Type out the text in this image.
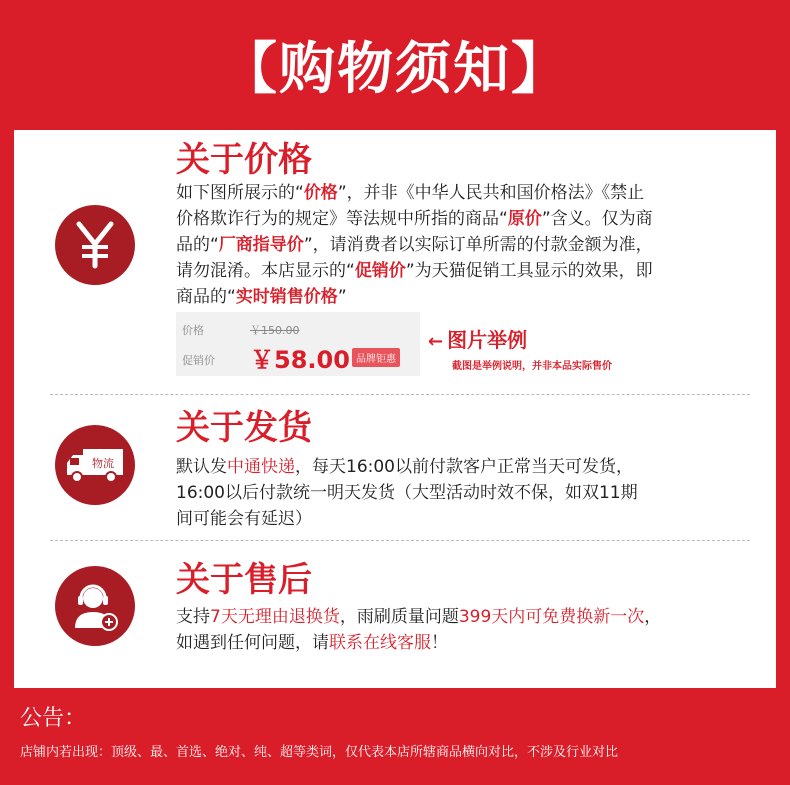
【购物须知】
关于价格
如下图所展示的“价格”，并非《中华人民共和国价格法》《禁止
价格欺诈行为的规定》等法规中所指的商品“原价”含义。仅为商
品的“厂商指导价”，请消费者以实际订单所需的付款金额为准，
请勿混淆。本店显示的“促销价”为天猫促销工具显示的效果，即
商品的“实时销售价格”
价格	￥150.00
促销价 ￥58.00 品牌钜惠
← 图片举例
截图是举例说明，并非本品实际售价
物流
关于发货
默认发中通快递，每天16:00以前付款客户正常当天可发货，
16:00以后付款统一明天发货（大型活动时效不保，如双11期
间可能会有延迟）
关于售后
支持7天无理由退换货，雨刷质量问题399天内可免费换新一次，
如遇到任何问题，请联系在线客服！
公告：
店铺内若出现：顶级、最、首选、绝对、纯、超等类词，仅代表本店所辖商品横向对比，不涉及行业对比
